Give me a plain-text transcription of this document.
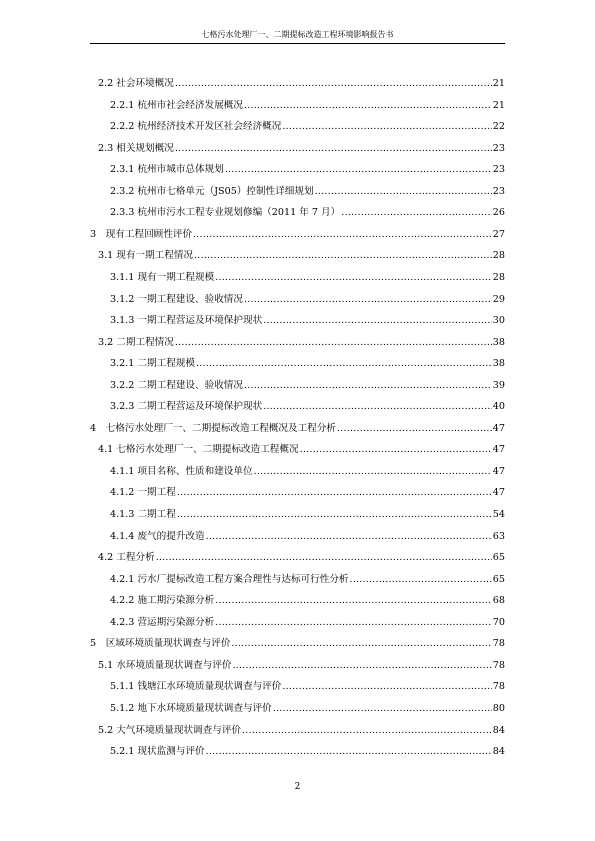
七格污水处理厂一、二期提标改造工程环境影响报告书
2.2 社会环境概况 .....	21
2.2.1 杭州市社会经济发展概况 .....	21
2.2.2 杭州经济技术开发区社会经济概况 .....	22
2.3 相关规划概况 .....	23
2.3.1 杭州市城市总体规划 .....	23
2.3.2 杭州市七格单元（JS05）控制性详细规划 .....	23
2.3.3 杭州市污水工程专业规划修编（2011 年 7 月） .....	26
3　现有工程回顾性评价 .....	27
3.1 现有一期工程情况 .....	28
3.1.1 现有一期工程规模 .....	28
3.1.2 一期工程建设、验收情况 .....	29
3.1.3 一期工程营运及环境保护现状 .....	30
3.2 二期工程情况 .....	38
3.2.1 二期工程规模 .....	38
3.2.2 二期工程建设、验收情况 .....	39
3.2.3 二期工程营运及环境保护现状 .....	40
4　七格污水处理厂一、二期提标改造工程概况及工程分析 .....	47
4.1 七格污水处理厂一、二期提标改造工程概况 .....	47
4.1.1 项目名称、性质和建设单位 .....	47
4.1.2 一期工程 .....	47
4.1.3 二期工程 .....	54
4.1.4 废气的提升改造 .....	63
4.2 工程分析 .....	65
4.2.1 污水厂提标改造工程方案合理性与达标可行性分析 .....	65
4.2.2 施工期污染源分析 .....	68
4.2.3 营运期污染源分析 .....	70
5　区域环境质量现状调查与评价 .....	78
5.1 水环境质量现状调查与评价 .....	78
5.1.1 钱塘江水环境质量现状调查与评价 .....	78
5.1.2 地下水环境质量现状调查与评价 .....	80
5.2 大气环境质量现状调查与评价 .....	84
5.2.1 现状监测与评价 .....	84
2
